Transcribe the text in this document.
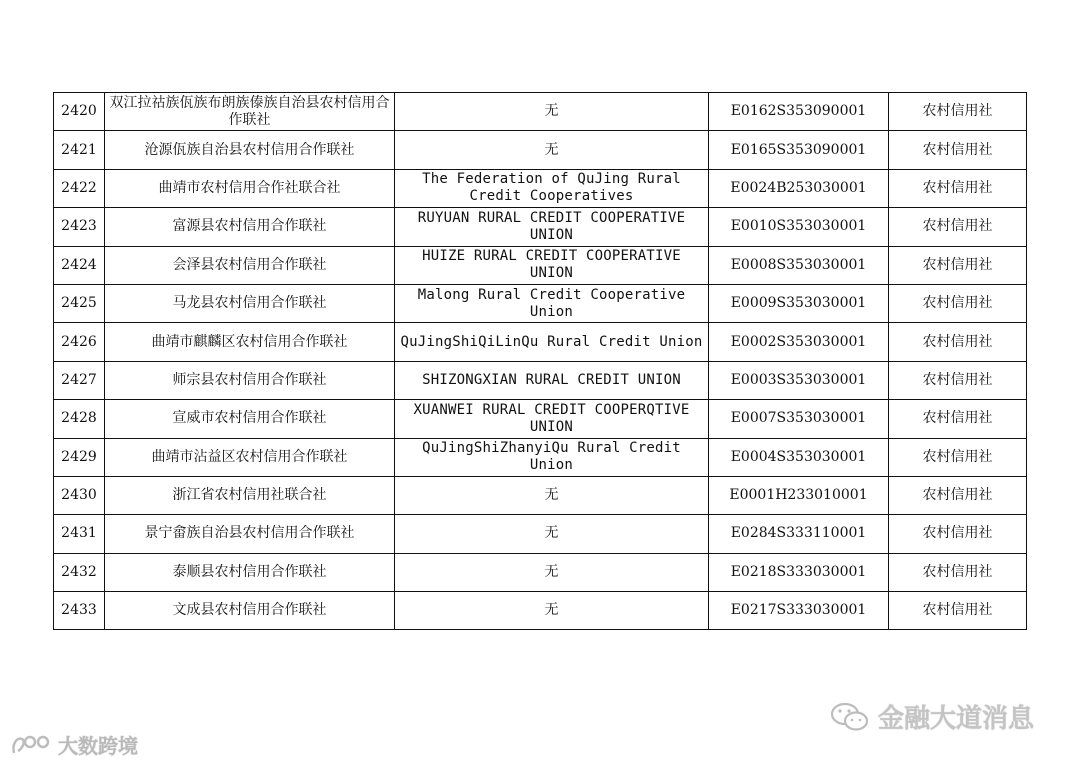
2420	双江拉祜族佤族布朗族傣族自治县农村信用合作联社	无	E0162S353090001	农村信用社
2421	沧源佤族自治县农村信用合作联社	无	E0165S353090001	农村信用社
2422	曲靖市农村信用合作社联合社	The Federation of QuJing Rural Credit Cooperatives	E0024B253030001	农村信用社
2423	富源县农村信用合作联社	RUYUAN RURAL CREDIT COOPERATIVE UNION	E0010S353030001	农村信用社
2424	会泽县农村信用合作联社	HUIZE RURAL CREDIT COOPERATIVE UNION	E0008S353030001	农村信用社
2425	马龙县农村信用合作联社	Malong Rural Credit Cooperative Union	E0009S353030001	农村信用社
2426	曲靖市麒麟区农村信用合作联社	QuJingShiQiLinQu Rural Credit Union	E0002S353030001	农村信用社
2427	师宗县农村信用合作联社	SHIZONGXIAN RURAL CREDIT UNION	E0003S353030001	农村信用社
2428	宣威市农村信用合作联社	XUANWEI RURAL CREDIT COOPERQTIVE UNION	E0007S353030001	农村信用社
2429	曲靖市沾益区农村信用合作联社	QuJingShiZhanyiQu Rural Credit Union	E0004S353030001	农村信用社
2430	浙江省农村信用社联合社	无	E0001H233010001	农村信用社
2431	景宁畲族自治县农村信用合作联社	无	E0284S333110001	农村信用社
2432	泰顺县农村信用合作联社	无	E0218S333030001	农村信用社
2433	文成县农村信用合作联社	无	E0217S333030001	农村信用社
大数跨境
金融大道消息
